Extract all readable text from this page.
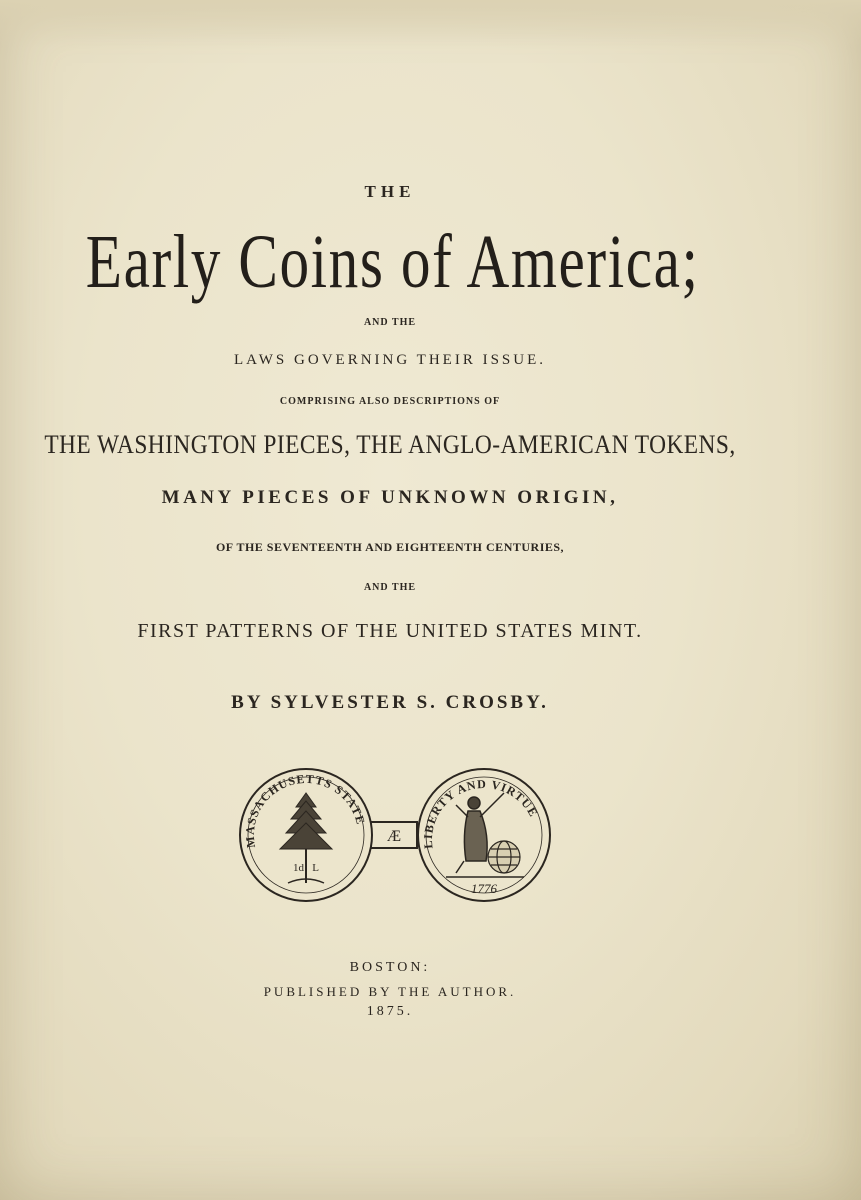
THE
Early Coins of America;
AND THE
LAWS GOVERNING THEIR ISSUE.
COMPRISING ALSO DESCRIPTIONS OF
THE WASHINGTON PIECES, THE ANGLO-AMERICAN TOKENS,
MANY PIECES OF UNKNOWN ORIGIN,
OF THE SEVENTEENTH AND EIGHTEENTH CENTURIES,
AND THE
FIRST PATTERNS OF THE UNITED STATES MINT.
BY SYLVESTER S. CROSBY.
Æ
MASSACHUSETTS STATE
1d   L
LIBERTY AND VIRTUE
1776
BOSTON:
PUBLISHED BY THE AUTHOR.
1875.
